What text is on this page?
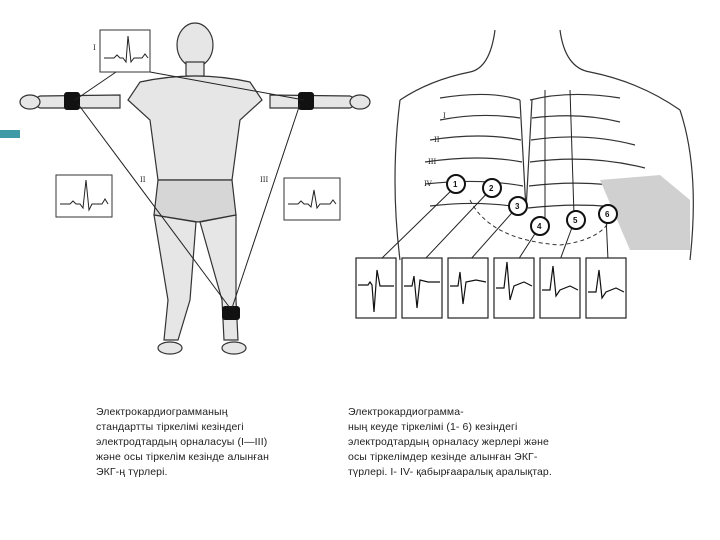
I
II	III
I
II
III
IV	1	2
3
4
5
6
Электрокардиограмманың
стандартты тіркелімі кезіндегі
электродтардың орналасуы (I—III)
жəне осы тіркелім кезінде алынған
ЭКГ-ң түрлері.
Электрокардиограмма-
ның кеуде тіркелімі (1- 6) кезіндегі
электродтардың орналасу жерлері жəне
осы тіркелімдер кезінде алынған ЭКГ-
түрлері. I- IV- қабырғааралық аралықтар.
